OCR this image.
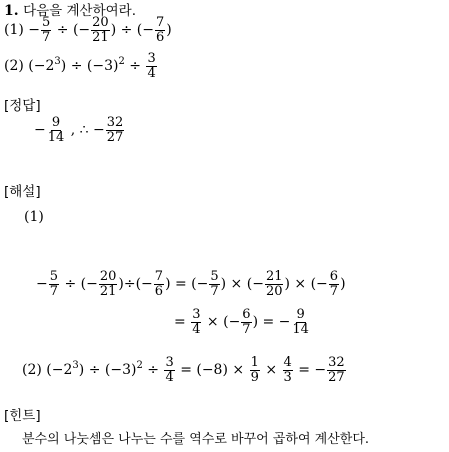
1. 다음을 계산하여라.
$(1) - \frac{5}{7}$ ÷ (− $\frac{20}{21}$ ) ÷ (− $\frac{7}{6}$ )
(2) $(-2^3) \div (-3)^2 \div \frac{3}{4}$
[정답]
− $\frac{9}{14}$ , ∴ − $\frac{32}{27}$
[해설]
(1)
− $\frac{5}{7}$ ÷ (− $\frac{20}{21}$ )÷(− $\frac{7}{6}$ ) = (− $\frac{5}{7}$ ) × (− $\frac{21}{20}$ ) × (− $\frac{6}{7}$ )
= $\frac{3}{4}$ × (− $\frac{6}{7}$ ) = − $\frac{9}{14}$
(2) $(-2^3) \div (-3)^2 \div \frac{3}{4} = (-8) \times \frac{1}{9} \times \frac{4}{3}$ = − $\frac{32}{27}$
[힌트]
분수의 나눗셈은 나누는 수를 역수로 바꾸어 곱하여 계산한다.
